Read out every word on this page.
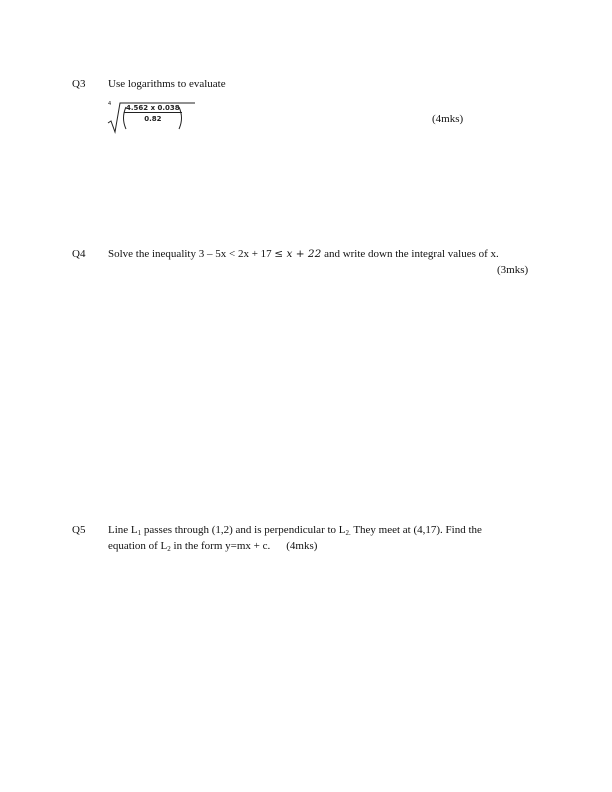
Q3 Use logarithms to evaluate
$4 \frac{4.562 x 0.038}{0.82}$	(4mks)
Q4 Solve the inequality 3 – 5x < 2x + 17 ≤ x + 22 and write down the integral values of x.
(3mks)
Q5 Line $L_1$ passes through (1,2) and is perpendicular to $L_{2.}$ They meet at (4,17). Find the
equation of $L_2$ in the form y=mx + c. (4mks)
